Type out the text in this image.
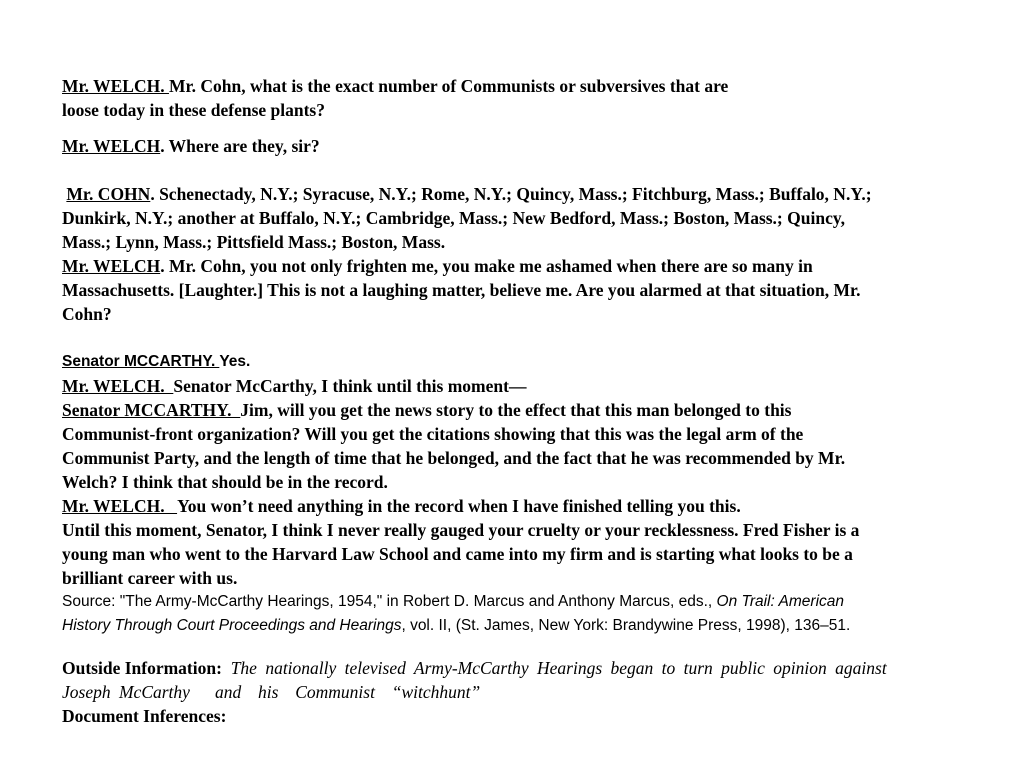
Mr. WELCH. Mr. Cohn, what is the exact number of Communists or subversives that are
loose today in these defense plants?

Mr. WELCH. Where are they, sir?

Mr. COHN. Schenectady, N.Y.; Syracuse, N.Y.; Rome, N.Y.; Quincy, Mass.; Fitchburg, Mass.; Buffalo, N.Y.;
Dunkirk, N.Y.; another at Buffalo, N.Y.; Cambridge, Mass.; New Bedford, Mass.; Boston, Mass.; Quincy,
Mass.; Lynn, Mass.; Pittsfield Mass.; Boston, Mass.

Mr. WELCH. Mr. Cohn, you not only frighten me, you make me ashamed when there are so many in
Massachusetts. [Laughter.] This is not a laughing matter, believe me. Are you alarmed at that situation, Mr.
Cohn?

Senator MCCARTHY. Yes.

Mr. WELCH.  Senator McCarthy, I think until this moment—

Senator MCCARTHY.  Jim, will you get the news story to the effect that this man belonged to this
Communist-front organization? Will you get the citations showing that this was the legal arm of the
Communist Party, and the length of time that he belonged, and the fact that he was recommended by Mr.
Welch? I think that should be in the record.

Mr. WELCH.   You won’t need anything in the record when I have finished telling you this.

Until this moment, Senator, I think I never really gauged your cruelty or your recklessness. Fred Fisher is a
young man who went to the Harvard Law School and came into my firm and is starting what looks to be a
brilliant career with us.

Source: "The Army-McCarthy Hearings, 1954," in Robert D. Marcus and Anthony Marcus, eds., On Trail: American
History Through Court Proceedings and Hearings, vol. II, (St. James, New York: Brandywine Press, 1998), 136–51.

Outside Information: The nationally televised Army-McCarthy Hearings began to turn public opinion against
Joseph McCarthy   and  his  Communist  “witchhunt”

Document Inferences:
